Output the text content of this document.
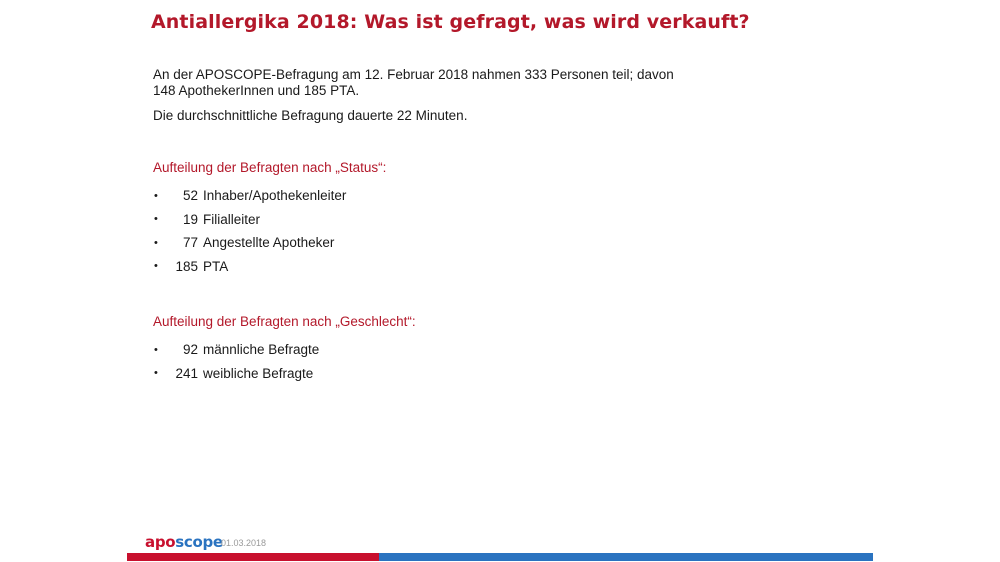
Antiallergika 2018: Was ist gefragt, was wird verkauft?

An der APOSCOPE-Befragung am 12. Februar 2018 nahmen 333 Personen teil; davon
148 ApothekerInnen und 185 PTA.

Die durchschnittliche Befragung dauerte 22 Minuten.

Aufteilung der Befragten nach „Status“:
•	52 Inhaber/Apothekenleiter
•	19 Filialleiter
•	77 Angestellte Apotheker
•	185 PTA
Aufteilung der Befragten nach „Geschlecht“:
•	92 männliche Befragte
•	241 weibliche Befragte
aposcope
01.03.2018
